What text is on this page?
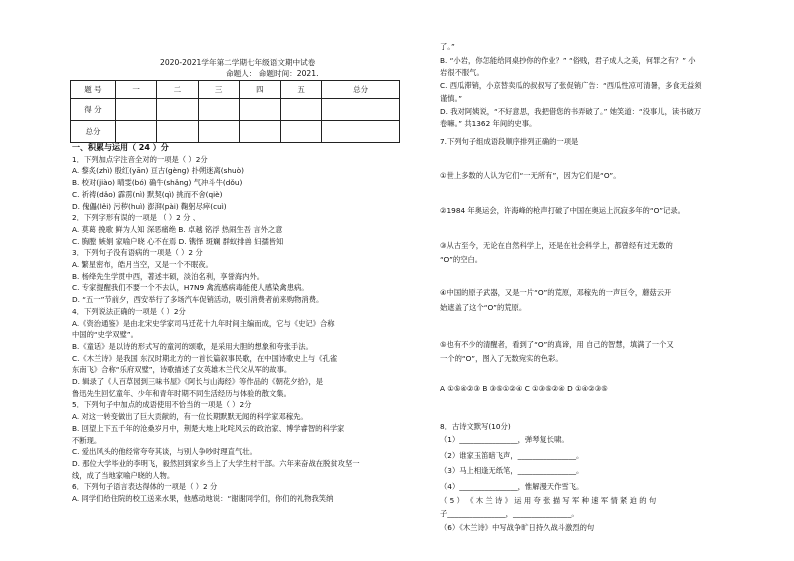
2020-2021学年第二学期七年级语文期中试卷
命题人： 命题时间：2021.
题 号	一	二	三	四	五	总分
得 分						
总分						
一、积累与运用（ 24 ）分
1．下列加点字注音全对的一项是（ ）2分
A. 黎炙(zhì) 殷红(yān) 亘古(gèng) 扑朔迷离(shuò)
B. 校对(jiào) 晴雯(bó) 确牛(shǎng) 气冲斗牛(dǒu)
C. 祈祷(dǎo) 霹雳(nì) 默契(qì) 挑而不舍(qiè)
D. 傀儡(lěi) 污秽(huì) 澎湃(pài) 鞠躬尽瘁(cuì)
2．下列字形有误的一项是 （ ）2 分 、
A. 莫葛 挽歌 鲜为人知 深恶痛绝 B. 卓越 铭浮 热闹生吾 言外之意
C. 胸膛 嫉娟 家喻户晓 心不在焉 D. 镌怿 斑斓 群蚁排兽 妇孺皆知
3．下列句子没有语病的一项是（ ）2 分
A. 繁星密布，皓月当空，又是一个不眠夜。
B. 杨绛先生学贯中西，著述丰硕，淡泊名利，享誉海内外。
C. 专家提醒我们不要一个不去认，H7N9 禽流感病毒能使人感染禽患病。
D. “五一”节前夕，西安举行了多场汽车促销活动，吸引消费者前来购物消费。
4．下列说法正确的一项是（ ）2分
A.《资治通鉴》是由北宋史学家司马迁花十九年时间主编而成，它与《史记》合称
中国的“史学双璧”。
B.《童话》是以诗的形式写的童河的颂歌，是采用大胆的想象和夸张手法。
C.《木兰诗》是我国 东汉时期北方的一首长篇叙事民歌，在中国诗歌史上与《孔雀
东南飞》合称“乐府双璧”，诗歌描述了女英雄木兰代父从军的故事。
D. 辑录了《人百草园到三味书屋》《阿长与山海经》等作品的《朝花夕拾》，是
鲁迅先生回忆童年、少年和青年时期不同生活经历与体验的散文集。
5．下列句子中加点的成语使用不恰当的一项是（ ）2分
A. 对这一转变做出了巨大贡献的，有一位长期默默无闻的科学家邓稼先。
B. 回望上下五千年的沧桑岁月中，荆楚大地上叱咤风云的政治家、博学睿智的科学家
不断现。
C. 爱出风头的他经常夸夸其谈，与别人争吵时理直气壮。
D. 那位大学毕业的李明飞，毅然回到家乡当上了大学生村干部。六年来奋战在脱贫攻坚一
线，成了当地家喻户晓的人物。
6．下列句子语言表达得体的一项是（ ）2 分
A. 同学们给住院的校工送来水果，他感动地说：“谢谢同学们，你们的礼物我笑纳
了。”
B. “小岩，你怎能给同桌抄你的作业？” “俗贱，君子成人之美，何罪之有？” 小
岩很不服气。
C. 西瓜滞销，小京替卖瓜的叔叔写了张促销广告：“西瓜性凉可清暑，多食无益须
谨慎。”
D. 我对阿姨说，“不好意思，我把借您的书弄破了。” 她笑道：“没事儿，读书破万
卷嘛。” 共1362 年间的史事。
7.下列句子组成语段顺序排列正确的一项是
①世上多数的人认为它们“一无所有”，因为它们是“O”。
②1984 年奥运会，许海峰的枪声打破了中国在奥运上沉寂多年的“O”记录。
③从古至今，无论在自然科学上，还是在社会科学上，都曾经有过无数的
“O”的空白。
④中国的原子武器，又是一片“O”的荒原，邓稼先的一声巨令，蘑菇云开
始遮盖了这个“O”的荒原。
⑤也有不少的清醒者，看到了“O”的真谛，用 自己的智慧，填满了一个又
一个的“O”，图入了无数宛实的色彩。
A ①⑤④②③ B ③⑤①②④ C ①③⑤②④ D ①④②③⑤
8．古诗文默写(10分)
（1）________________，弹琴复长啸。
（2）谁家玉笛暗飞声，________________。
（3）马上相逢无纸笔，________________。
（4）________________，惟解漫天作雪飞。
（ 5 ） 《 木 兰 诗 》 运 用 夸 张 描 写 军 种 速 军 情 紧 迫 的 句
子________________，________________。
（6）《木兰诗》中写战争旷日持久战斗激烈的句
